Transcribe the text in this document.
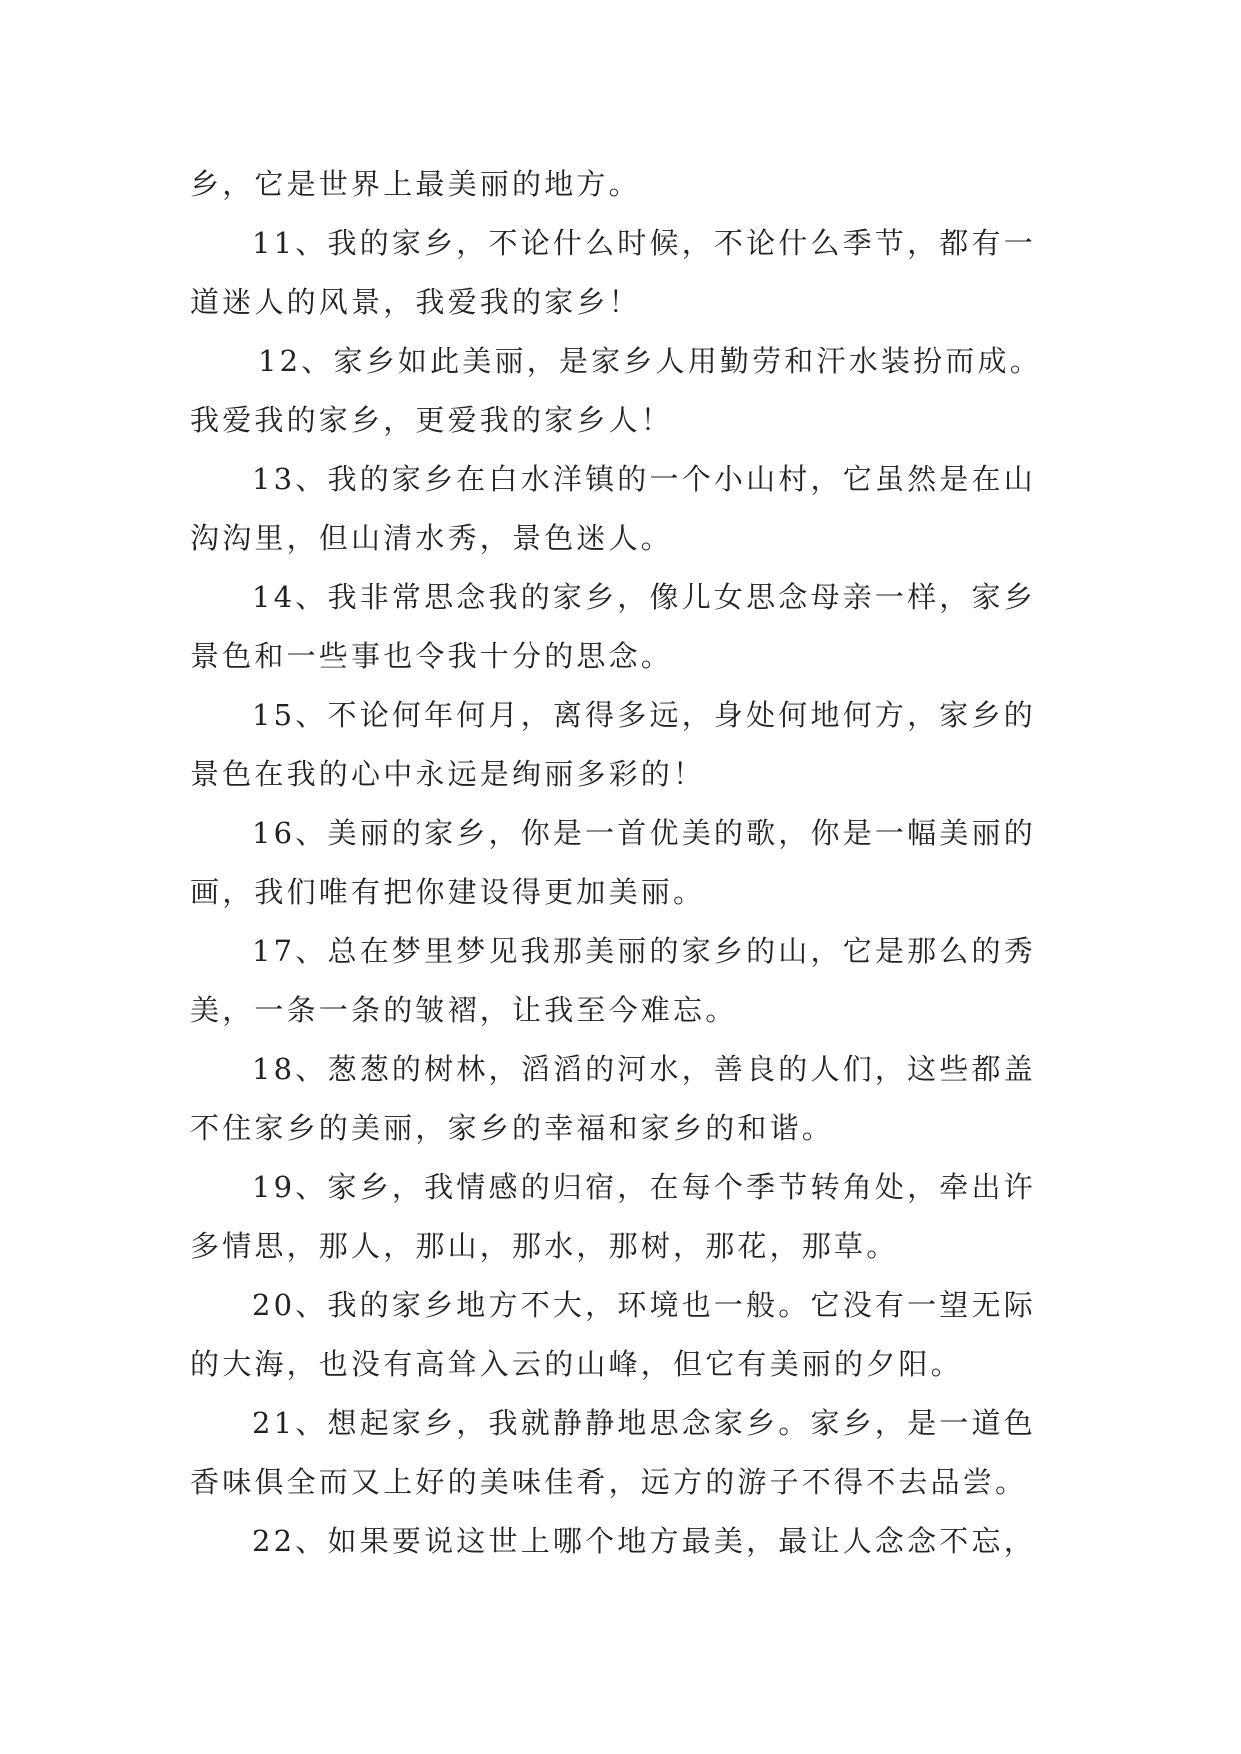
乡，它是世界上最美丽的地方。
11、我的家乡，不论什么时候，不论什么季节，都有一
道迷人的风景，我爱我的家乡！
12、家乡如此美丽，是家乡人用勤劳和汗水装扮而成。
我爱我的家乡，更爱我的家乡人！
13、我的家乡在白水洋镇的一个小山村，它虽然是在山
沟沟里，但山清水秀，景色迷人。
14、我非常思念我的家乡，像儿女思念母亲一样，家乡
景色和一些事也令我十分的思念。
15、不论何年何月，离得多远，身处何地何方，家乡的
景色在我的心中永远是绚丽多彩的！
16、美丽的家乡，你是一首优美的歌，你是一幅美丽的
画，我们唯有把你建设得更加美丽。
17、总在梦里梦见我那美丽的家乡的山，它是那么的秀
美，一条一条的皱褶，让我至今难忘。
18、葱葱的树林，滔滔的河水，善良的人们，这些都盖
不住家乡的美丽，家乡的幸福和家乡的和谐。
19、家乡，我情感的归宿，在每个季节转角处，牵出许
多情思，那人，那山，那水，那树，那花，那草。
20、我的家乡地方不大，环境也一般。它没有一望无际
的大海，也没有高耸入云的山峰，但它有美丽的夕阳。
21、想起家乡，我就静静地思念家乡。家乡，是一道色
香味俱全而又上好的美味佳肴，远方的游子不得不去品尝。
22、如果要说这世上哪个地方最美，最让人念念不忘，
